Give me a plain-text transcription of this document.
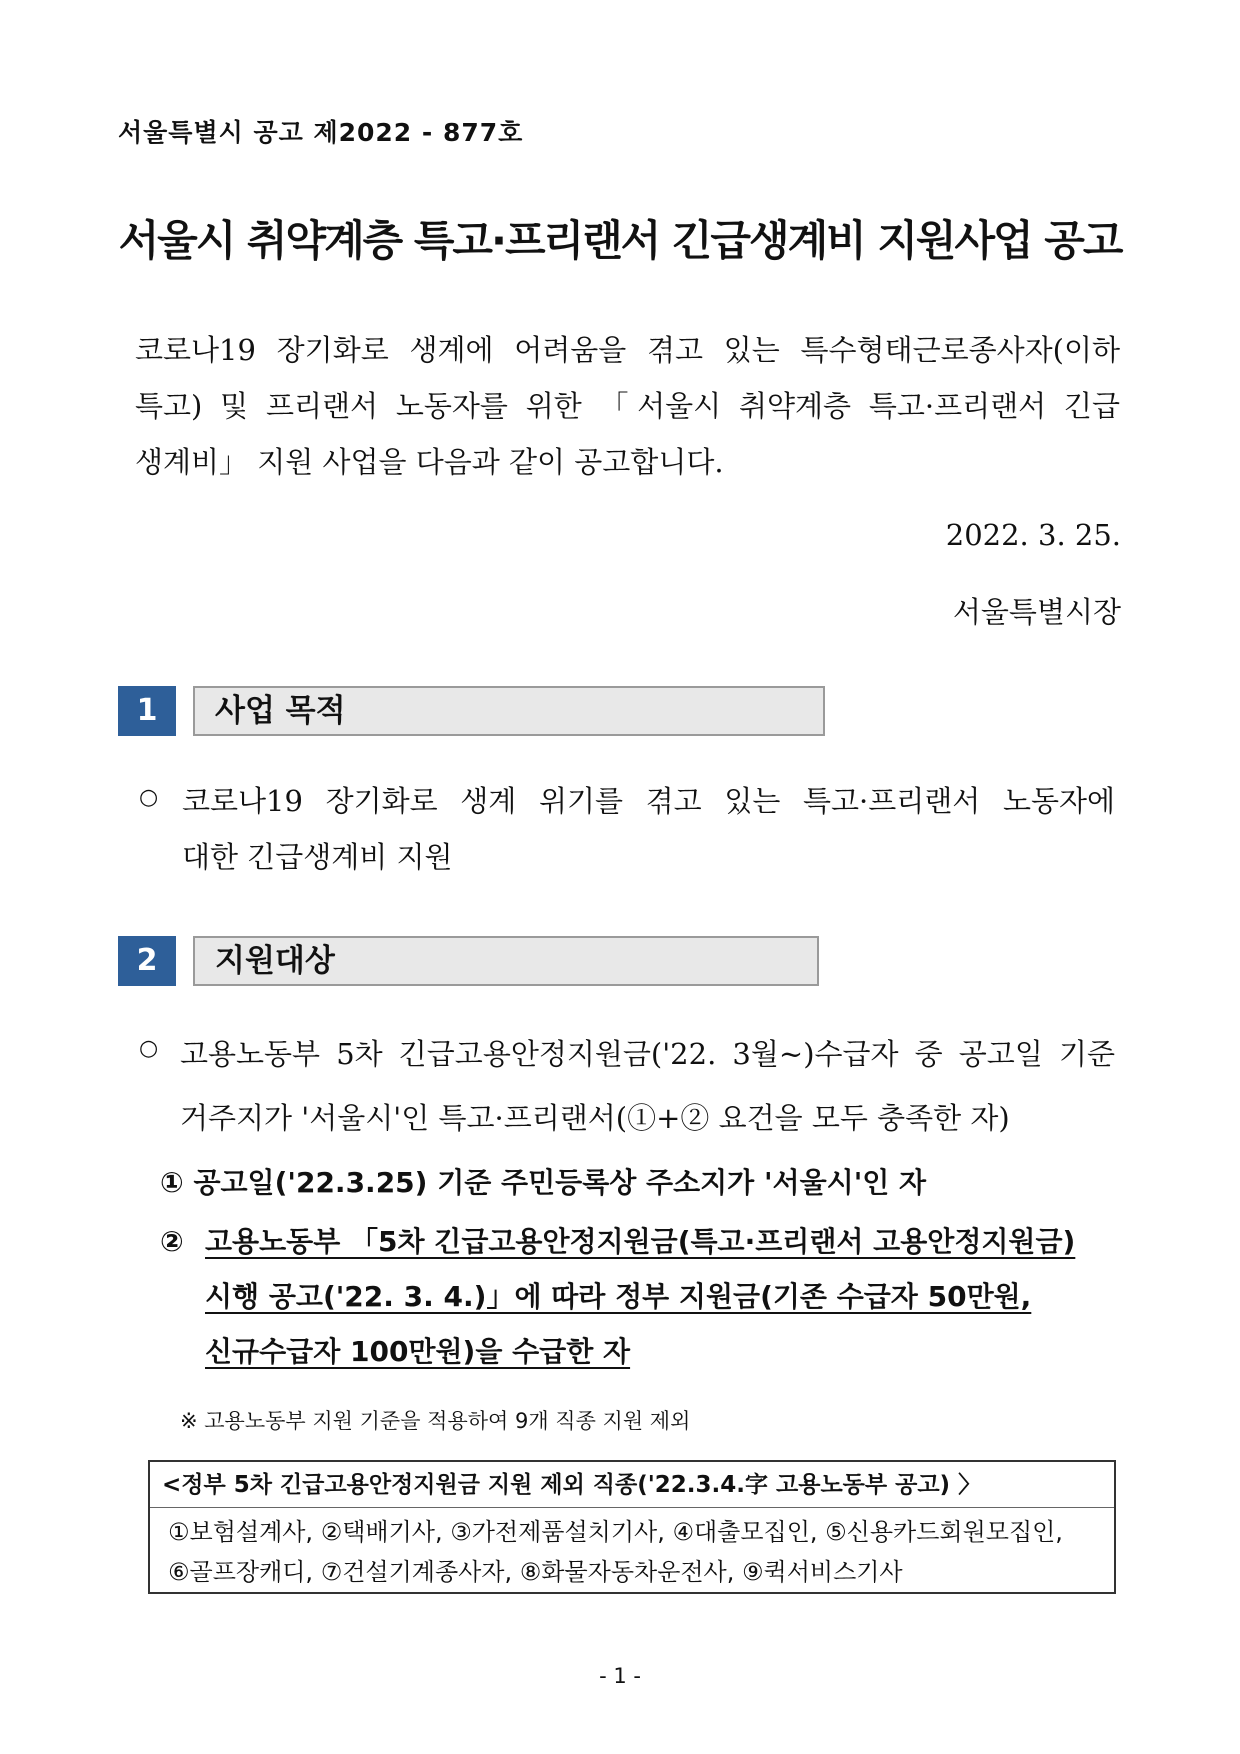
서울특별시 공고 제2022 - 877호
서울시 취약계층 특고·프리랜서 긴급생계비 지원사업 공고

코로나19 장기화로 생계에 어려움을 겪고 있는 특수형태근로종사자(이하

특고) 및 프리랜서 노동자를 위한 「서울시 취약계층 특고·프리랜서 긴급

생계비」 지원 사업을 다음과 같이 공고합니다.

2022. 3. 25.
서울특별시장
1	사업 목적
○ 코로나19 장기화로 생계 위기를 겪고 있는 특고·프리랜서 노동자에

대한 긴급생계비 지원

2	지원대상
○ 고용노동부 5차 긴급고용안정지원금('22. 3월~)수급자 중 공고일 기준

거주지가 '서울시'인 특고·프리랜서(①+② 요건을 모두 충족한 자)

① 공고일('22.3.25) 기준 주민등록상 주소지가 '서울시'인 자
② 고용노동부 「5차 긴급고용안정지원금(특고·프리랜서 고용안정지원금)

시행 공고('22. 3. 4.)」에 따라 정부 지원금(기존 수급자 50만원,

신규수급자 100만원)을 수급한 자

※ 고용노동부 지원 기준을 적용하여 9개 직종 지원 제외
<정부 5차 긴급고용안정지원금 지원 제외 직종('22.3.4.字 고용노동부 공고) 〉

①보험설계사, ②택배기사, ③가전제품설치기사, ④대출모집인, ⑤신용카드회원모집인,

⑥골프장캐디, ⑦건설기계종사자, ⑧화물자동차운전사, ⑨퀵서비스기사

- 1 -
